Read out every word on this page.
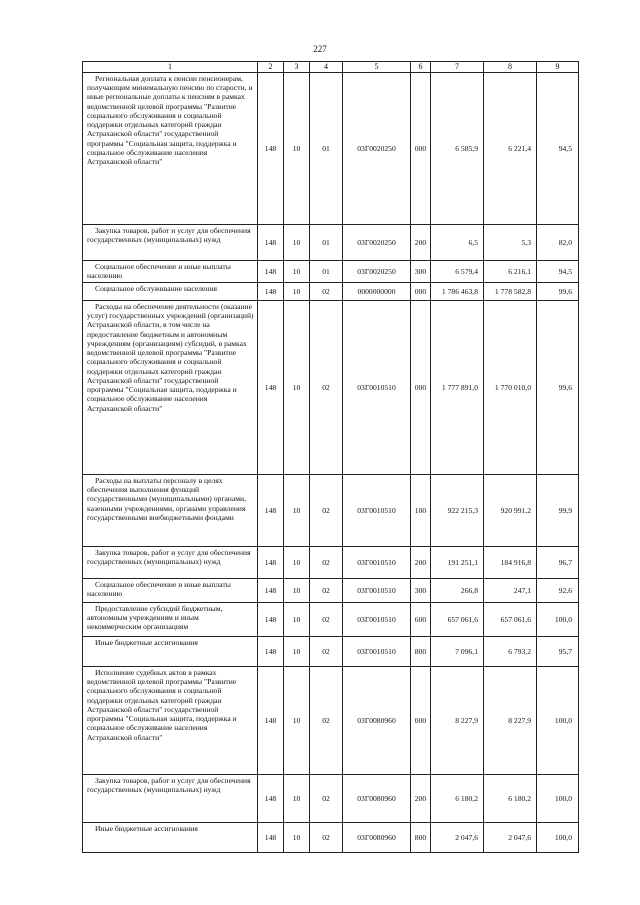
227
1	2	3	4	5	6	7	8	9
Региональная доплата к пенсии пенсионерам, получающим минимальную пенсию по старости, и иные региональные доплаты к пенсиям в рамках ведомственной целевой программы "Развитие социального обслуживания и социальной поддержки отдельных категорий граждан Астраханской области" государственной программы "Социальная защита, поддержка и социальное обслуживание населения Астраханской области"	148	10	01	03Г0020250	000	6 585,9	6 221,4	94,5
Закупка товаров, работ и услуг для обеспечения государственных (муниципальных) нужд	148	10	01	03Г0020250	200	6,5	5,3	82,0
Социальное обеспечение и иные выплаты населению	148	10	01	03Г0020250	300	6 579,4	6 216,1	94,5
Социальное обслуживание населения	148	10	02	0000000000	000	1 786 463,8	1 778 582,8	99,6
Расходы на обеспечение деятельности (оказание услуг) государственных учреждений (организаций) Астраханской области, в том числе на предоставление бюджетным и автономным учреждениям (организациям) субсидий, в рамках ведомственной целевой программы "Развитие социального обслуживания и социальной поддержки отдельных категорий граждан Астраханской области" государственной программы "Социальная защита, поддержка и социальное обслуживание населения Астраханской области"	148	10	02	03Г0010510	000	1 777 891,0	1 770 010,0	99,6
Расходы на выплаты персоналу в целях обеспечения выполнения функций государственными (муниципальными) органами, казенными учреждениями, органами управления государственными внебюджетными фондами	148	10	02	03Г0010510	100	922 215,3	920 991,2	99,9
Закупка товаров, работ и услуг для обеспечения государственных (муниципальных) нужд	148	10	02	03Г0010510	200	191 251,1	184 916,8	96,7
Социальное обеспечение и иные выплаты населению	148	10	02	03Г0010510	300	266,8	247,1	92,6
Предоставление субсидий бюджетным, автономным учреждениям и иным некоммерческим организациям	148	10	02	03Г0010510	600	657 061,6	657 061,6	100,0
Иные бюджетные ассигнования	148	10	02	03Г0010510	800	7 096,1	6 793,2	95,7
Исполнение судебных актов в рамках ведомственной целевой программы "Развитие социального обслуживания и социальной поддержки отдельных категорий граждан Астраханской области" государственной программы "Социальная защита, поддержка и социальное обслуживание населения Астраханской области"	148	10	02	03Г0080960	000	8 227,9	8 227,9	100,0
Закупка товаров, работ и услуг для обеспечения государственных (муниципальных) нужд	148	10	02	03Г0080960	200	6 180,2	6 180,2	100,0
Иные бюджетные ассигнования	148	10	02	03Г0080960	800	2 047,6	2 047,6	100,0
